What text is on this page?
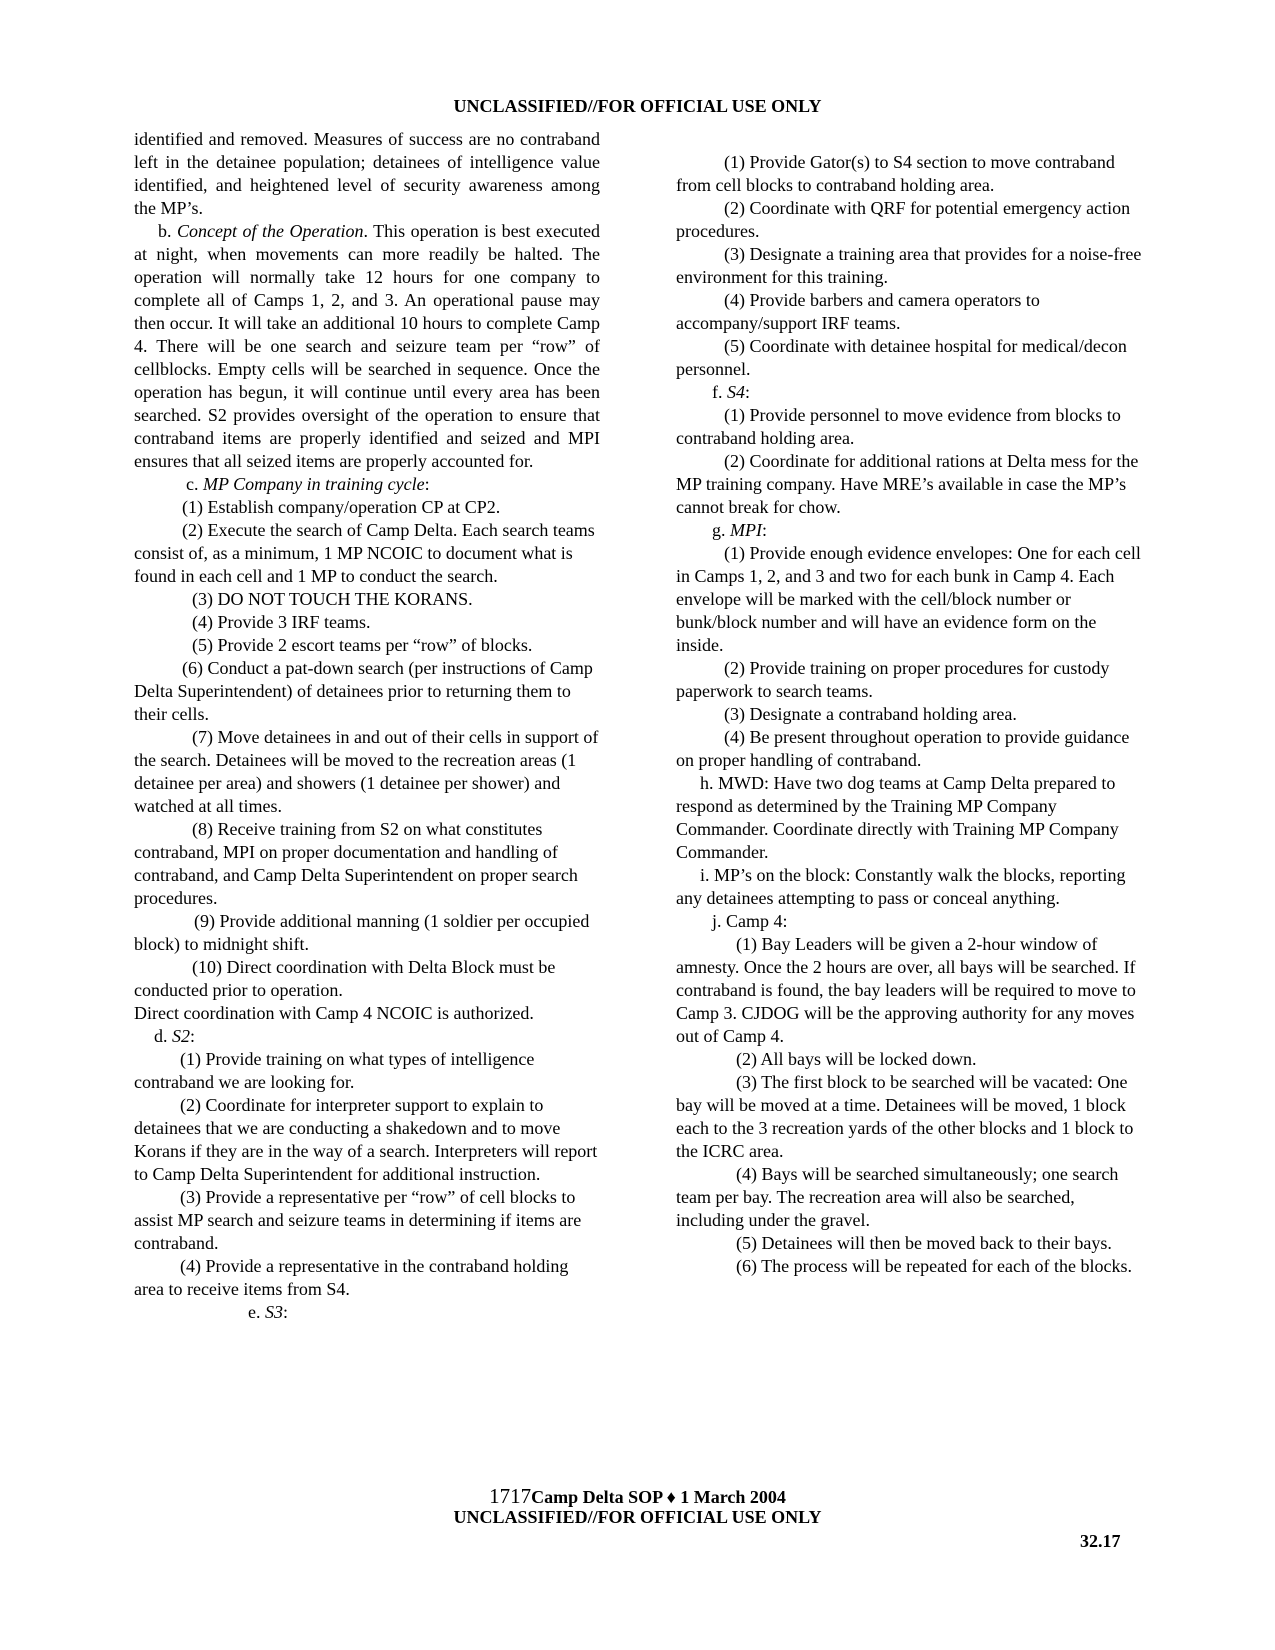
UNCLASSIFIED//FOR OFFICIAL USE ONLY

identified and removed. Measures of success are no contraband left in the detainee population; detainees of intelligence value identified, and heightened level of security awareness among the MP’s.

b. Concept of the Operation. This operation is best executed at night, when movements can more readily be halted. The operation will normally take 12 hours for one company to complete all of Camps 1, 2, and 3. An operational pause may then occur. It will take an additional 10 hours to complete Camp 4. There will be one search and seizure team per “row” of cellblocks. Empty cells will be searched in sequence. Once the operation has begun, it will continue until every area has been searched. S2 provides oversight of the operation to ensure that contraband items are properly identified and seized and MPI ensures that all seized items are properly accounted for.

c. MP Company in training cycle:

(1) Establish company/operation CP at CP2.

(2) Execute the search of Camp Delta. Each search teams consist of, as a minimum, 1 MP NCOIC to document what is found in each cell and 1 MP to conduct the search.

(3) DO NOT TOUCH THE KORANS.

(4) Provide 3 IRF teams.

(5) Provide 2 escort teams per “row” of blocks.

(6) Conduct a pat-down search (per instructions of Camp Delta Superintendent) of detainees prior to returning them to their cells.

(7) Move detainees in and out of their cells in support of the search. Detainees will be moved to the recreation areas (1 detainee per area) and showers (1 detainee per shower) and watched at all times.

(8) Receive training from S2 on what constitutes contraband, MPI on proper documentation and handling of contraband, and Camp Delta Superintendent on proper search procedures.

(9) Provide additional manning (1 soldier per occupied block) to midnight shift.

(10) Direct coordination with Delta Block must be conducted prior to operation.

Direct coordination with Camp 4 NCOIC is authorized.

d. S2:

(1) Provide training on what types of intelligence contraband we are looking for.

(2) Coordinate for interpreter support to explain to detainees that we are conducting a shakedown and to move Korans if they are in the way of a search. Interpreters will report to Camp Delta Superintendent for additional instruction.

(3) Provide a representative per “row” of cell blocks to assist MP search and seizure teams in determining if items are contraband.

(4) Provide a representative in the contraband holding area to receive items from S4.

e. S3:

(1) Provide Gator(s) to S4 section to move contraband from cell blocks to contraband holding area.

(2) Coordinate with QRF for potential emergency action procedures.

(3) Designate a training area that provides for a noise-free environment for this training.

(4) Provide barbers and camera operators to accompany/support IRF teams.

(5) Coordinate with detainee hospital for medical/decon personnel.

f. S4:

(1) Provide personnel to move evidence from blocks to contraband holding area.

(2) Coordinate for additional rations at Delta mess for the MP training company. Have MRE’s available in case the MP’s cannot break for chow.

g. MPI:

(1) Provide enough evidence envelopes: One for each cell in Camps 1, 2, and 3 and two for each bunk in Camp 4. Each envelope will be marked with the cell/block number or bunk/block number and will have an evidence form on the inside.

(2) Provide training on proper procedures for custody paperwork to search teams.

(3) Designate a contraband holding area.

(4) Be present throughout operation to provide guidance on proper handling of contraband.

h. MWD: Have two dog teams at Camp Delta prepared to respond as determined by the Training MP Company Commander. Coordinate directly with Training MP Company Commander.

i. MP’s on the block: Constantly walk the blocks, reporting any detainees attempting to pass or conceal anything.

j. Camp 4:

(1) Bay Leaders will be given a 2-hour window of amnesty. Once the 2 hours are over, all bays will be searched. If contraband is found, the bay leaders will be required to move to Camp 3. CJDOG will be the approving authority for any moves out of Camp 4.

(2) All bays will be locked down.

(3) The first block to be searched will be vacated: One bay will be moved at a time. Detainees will be moved, 1 block each to the 3 recreation yards of the other blocks and 1 block to the ICRC area.

(4) Bays will be searched simultaneously; one search team per bay. The recreation area will also be searched, including under the gravel.

(5) Detainees will then be moved back to their bays.

(6) The process will be repeated for each of the blocks.

1717Camp Delta SOP ♦ 1 March 2004
UNCLASSIFIED//FOR OFFICIAL USE ONLY
32.17
